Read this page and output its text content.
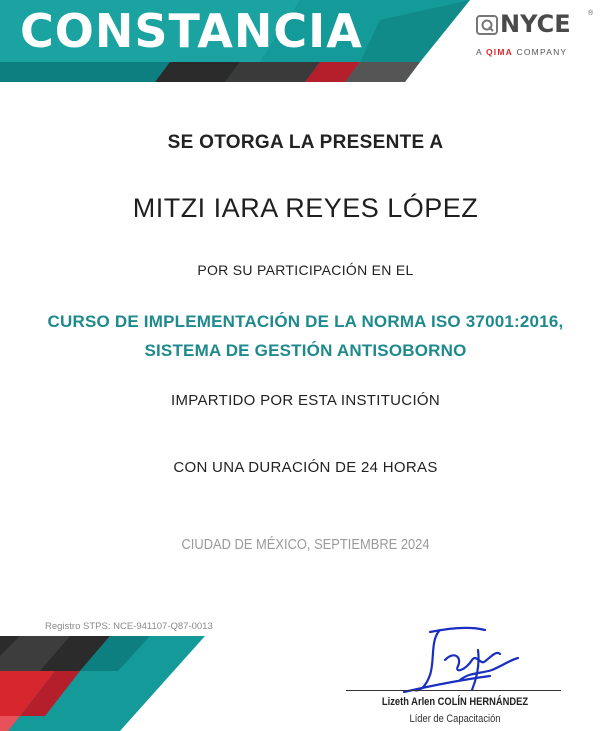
CONSTANCIA	NYCE ®
A QIMA COMPANY
SE OTORGA LA PRESENTE A
MITZI IARA REYES LÓPEZ
POR SU PARTICIPACIÓN EN EL
CURSO DE IMPLEMENTACIÓN DE LA NORMA ISO 37001:2016,
SISTEMA DE GESTIÓN ANTISOBORNO
IMPARTIDO POR ESTA INSTITUCIÓN
CON UNA DURACIÓN DE 24 HORAS
CIUDAD DE MÉXICO, SEPTIEMBRE 2024
Registro STPS: NCE-941107-Q87-0013
Lizeth Arlen COLÍN HERNÁNDEZ
Líder de Capacitación
